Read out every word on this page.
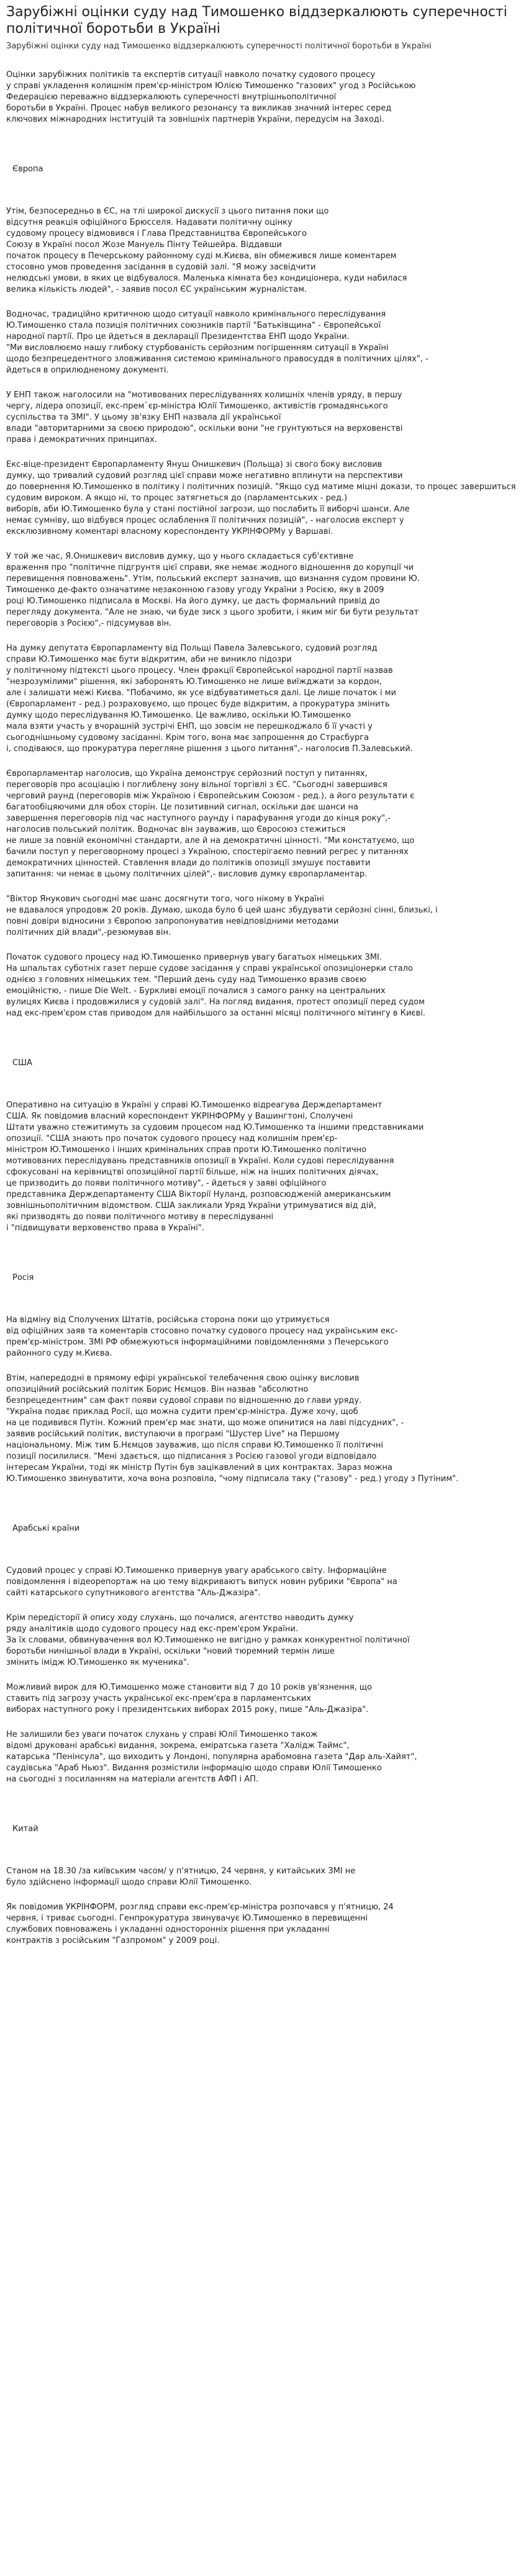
Зарубіжні оцінки суду над Тимошенко віддзеркалюють суперечності політичної боротьби в Україні
Зарубіжні оцінки суду над Тимошенко віддзеркалюють суперечності політичної боротьби в Україні

Оцінки зарубіжних політиків та експертів ситуації навколо початку судового процесу

у справі укладення колишнім прем'єр-міністром Юлією Тимошенко "газових" угод з Російською

Федерацією переважно віддзеркалюють суперечності внутрішньополітичної

боротьби в Україні. Процес набув великого резонансу та викликав значний інтерес серед

ключових міжнародних інституцій та зовнішніх партнерів України, передусім на Заході.

Європа

Утім, безпосередньо в ЄС, на тлі широкої дискусії з цього питання поки що

відсутня реакція офіційного Брюсселя. Надавати політичну оцінку

судовому процесу відмовився і Глава Представництва Європейського

Союзу в Україні посол Жозе Мануель Пінту Тейшейра. Віддавши

початок процесу в Печерському районному суді м.Києва, він обмежився лише коментарем

стосовно умов проведення засідання в судовій залі. "Я можу засвідчити

нелюдські умови, в яких це відбувалося. Маленька кімната без кондиціонера, куди набилася

велика кількість людей", - заявив посол ЄС українським журналістам.

Водночас, традиційно критичною щодо ситуації навколо кримінального переслідування

Ю.Тимошенко стала позиція політичних союзників партії "Батьківщина" - Європейської

народної партії. Про це йдеться в декларації Президентства ЕНП щодо України.

"Ми висловлюємо нашу глибоку стурбованість серйозним погіршенням ситуації в Україні

щодо безпрецедентного зловживання системою кримінального правосуддя в політичних цілях", -

йдеться в оприлюдненому документі.

У ЕНП також наголосили на "мотивованих переслідуваннях колишніх членів уряду, в першу

чергу, лідера опозиції, екс-прем`єр-міністра Юлії Тимошенко, активістів громадянського

суспільства та ЗМІ". У цьому зв'язку ЕНП назвала дії української

влади "авторитарними за своєю природою", оскільки вони "не грунтуються на верховенстві

права і демократичних принципах.

Екс-віце-президент Європарламенту Януш Онишкевич (Польща) зі свого боку висловив

думку, що тривалий судовий розгляд цієї справи може негативно вплинути на перспективи

до повернення Ю.Тимошенко в політику і політичних позицій. "Якщо суд матиме міцні докази, то процес завершиться

судовим вироком. А якщо ні, то процес затягнеться до (парламентських - ред.)

виборів, аби Ю.Тимошенко була у стані постійної загрози, що послабить її виборчі шанси. Але

немає сумніву, що відбувся процес ослаблення її політичних позицій", - наголосив експерт у

ексклюзивному коментарі власному кореспонденту УКРІНФОРМу у Варшаві.

У той же час, Я.Онишкевич висловив думку, що у нього складається суб'єктивне

враження про "політичне підгрунтя цієї справи, яке немає жодного відношення до корупції чи

перевищення повноважень". Утім, польський експерт зазначив, що визнання судом провини Ю.

Тимошенко де-факто означатиме незаконною газову угоду України з Росією, яку в 2009

році Ю.Тимошенко підписала в Москві. На його думку, це дасть формальний привід до

перегляду документа. "Але не знаю, чи буде зиск з цього зробити, і яким міг би бути результат

переговорів з Росією",- підсумував він.

На думку депутата Європарламенту від Польщі Павела Залевського, судовий розгляд

справи Ю.Тимошенко має бути відкритим, аби не виникло підозри

у політичному підтексті цього процесу. Член фракції Європейської народної партії назвав

"незрозумілими" рішення, які заборонять Ю.Тимошенко не лише виїжджати за кордон,

але і залишати межі Києва. "Побачимо, як усе відбуватиметься далі. Це лише початок і ми

(Європарламент - ред.) розраховуємо, що процес буде відкритим, а прокуратура змінить

думку щодо переслідування Ю.Тимошенко. Це важливо, оскільки Ю.Тимошенко

мала взяти участь у вчорашній зустрічі ЕНП, що зовсім не перешкоджало б її участі у

сьогоднішньому судовому засіданні. Крім того, вона має запрошення до Страсбурга

і, сподіваюся, що прокуратура перегляне рішення з цього питання",- наголосив П.Залевський.

Європарламентар наголосив, що Україна демонструє серйозний поступ у питаннях,

переговорів про асоціацію і поглиблену зону вільної торгівлі з ЄС. "Сьогодні завершився

черговий раунд (переговорів між Україною і Європейським Союзом - ред.), а його результати є

багатообіцяючими для обох сторін. Це позитивний сигнал, оскільки дає шанси на

завершення переговорів під час наступного раунду і парафування угоди до кінця року",-

наголосив польський політик. Водночас він зауважив, що Євросоюз стежиться

не лише за повній економічні стандарти, але й на демократичні цінності. "Ми констатуємо, що

бачили поступ у переговорному процесі з Україною, спостерігаємо певний регрес у питаннях

демократичних цінностей. Ставлення влади до політиків опозиції змушує поставити

запитання: чи немає в цьому політичних цілей",- висловив думку європарламентар.

"Віктор Янукович сьогодні має шанс досягнути того, чого нікому в Україні

не вдавалося упродовж 20 років. Думаю, шкода було б цей шанс збудувати серйозні сінні, близькі, і

повні довіри відносини з Європою запропонуватив невідповідними методами

політичних дій влади",-резюмував він.

Початок судового процесу над Ю.Тимошенко привернув увагу багатьох німецьких ЗМІ.

На шпальтах суботніх газет перше судове засідання у справі української опозиціонерки стало

однією з головних німецьких тем. "Перший день суду над Тимошенко вразив своєю

емоційністю, - пише Die Welt. - Буркливі емоції почалися з самого ранку на центральних

вулицях Києва і продовжилися у судовій залі". На погляд видання, протест опозиції перед судом

над екс-прем'єром став приводом для найбільшого за останні місяці політичного мітингу в Києві.

США

Оперативно на ситуацію в Україні у справі Ю.Тимошенко відреагува Держдепартамент

США. Як повідомив власний кореспондент УКРІНФОРМу у Вашингтоні, Сполучені

Штати уважно стежитимуть за судовим процесом над Ю.Тимошенко та іншими представниками

опозиції. "США знають про початок судового процесу над колишнім прем'єр-

міністром Ю.Тимошенко і інших кримінальних справ проти Ю.Тимошенко політично

мотивованих переслідувань представників опозиції в Україні. Коли судові переслідування

сфокусовані на керівництві опозиційної партії більше, ніж на інших політичних діячах,

це призводить до появи політичного мотиву", - йдеться у заяві офіційного

представника Держдепартаменту США Вікторії Нуланд, розповсюдженій американським

зовнішньополітичним відомством. США закликали Уряд України утримуватися від дій,

які призводять до появи політичного мотиву в переслідуванні

і "підвищувати верховенство права в Україні".

Росія

На відміну від Сполучених Штатів, російська сторона поки що утримується

від офіційних заяв та коментарів стосовно початку судового процесу над українським екс-

прем'єр-міністром. ЗМІ РФ обмежуються інформаційними повідомленнями з Печерського

районного суду м.Києва.

Втім, напередодні в прямому ефірі української телебачення свою оцінку висловив

опозиційний російський політик Борис Нємцов. Він назвав "абсолютно

безпрецедентним" сам факт появи судової справи по відношенню до глави уряду.

"Україна подає приклад Росії, що можна судити прем'єр-міністра. Дуже хочу, щоб

на це подивився Путін. Кожний прем'єр має знати, що може опинитися на лаві підсудних", -

заявив російський політик, виступаючи в програмі "Шустер Live" на Першому

національному. Між тим Б.Нємцов зауважив, що після справи Ю.Тимошенко її політичні

позиції посилилися. "Мені здається, що підписання з Росією газової угоди відповідало

інтересам України, тоді як міністр Путін був зацікавлений в цих контрактах. Зараз можна

Ю.Тимошенко звинуватити, хоча вона розповіла, "чому підписала таку ("газову" - ред.) угоду з Путіним".

Арабські країни

Судовий процес у справі Ю.Тимошенко привернув увагу арабського світу. Інформаційне

повідомлення і відеорепортаж на цю тему відкриваютъ випуск новин рубрики "Європа" на

сайті катарського супутникового агентства "Аль-Джазіра".

Крім передісторії й опису ходу слухань, що почалися, агентство наводить думку

ряду аналітиків щодо судового процесу над екс-прем'єром України.

За їх словами, обвинувачення вол Ю.Тимошенко не вигідно у рамках конкурентної політичної

боротьби нинішньої влади в Україні, оскільки "новий тюремний термін лише

змінить імідж Ю.Тимошенко як мученика".

Можливий вирок для Ю.Тимошенко може становити від 7 до 10 років ув'язнення, що

ставить під загрозу участь української екс-прем'єра в парламентських

виборах наступного року і президентських виборах 2015 року, пише "Аль-Джазіра".

Не залишили без уваги початок слухань у справі Юлії Тимошенко також

відомі друковані арабські видання, зокрема, еміратська газета "Халідж Таймс",

катарська "Пенінсула", що виходить у Лондоні, популярна арабомовна газета "Дар аль-Хайят",

саудівська "Араб Ньюз". Видання розмістили інформацію щодо справи Юлії Тимошенко

на сьогодні з посиланням на матеріали агентств АФП і АП.

Китай

Станом на 18.30 /за київським часом/ у п'ятницю, 24 червня, у китайських ЗМІ не

було здійснено інформації щодо справи Юлії Тимошенко.

Як повідомив УКРІНФОРМ, розгляд справи екс-прем'єр-міністра розпочався у п'ятницю, 24

червня, і триває сьогодні. Генпрокуратура звинувачує Ю.Тимошенко в перевищенні

службових повноважень і укладанні односторонніх рішення при укладанні

контрактів з російським "Газпромом" у 2009 році.
